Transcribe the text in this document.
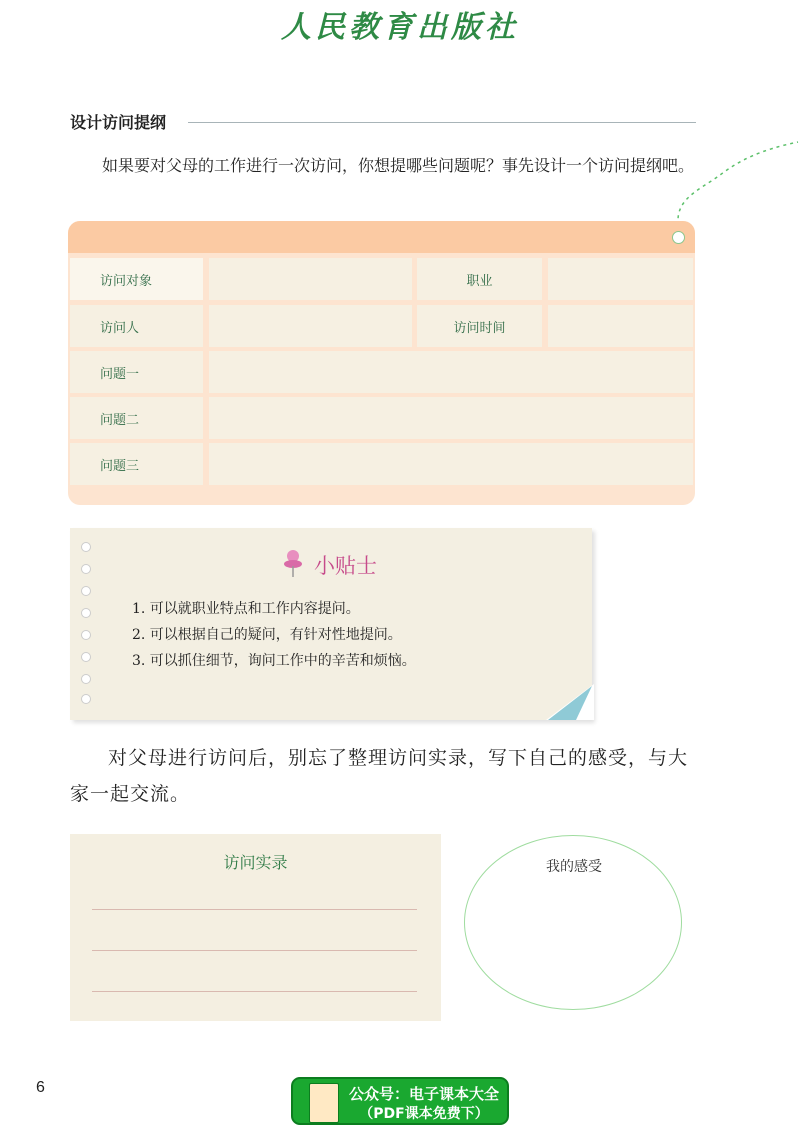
人民教育出版社
设计访问提纲
如果要对父母的工作进行一次访问，你想提哪些问题呢？事先设计一个访问提纲吧。
访问对象	职业
访问人	访问时间
问题一
问题二
问题三
小贴士
1. 可以就职业特点和工作内容提问。
2. 可以根据自己的疑问，有针对性地提问。
3. 可以抓住细节，询问工作中的辛苦和烦恼。
对父母进行访问后，别忘了整理访问实录，写下自己的感受，与大家一起交流。
访问实录	我的感受
6	公众号：电子课本大全
（PDF课本免费下）
